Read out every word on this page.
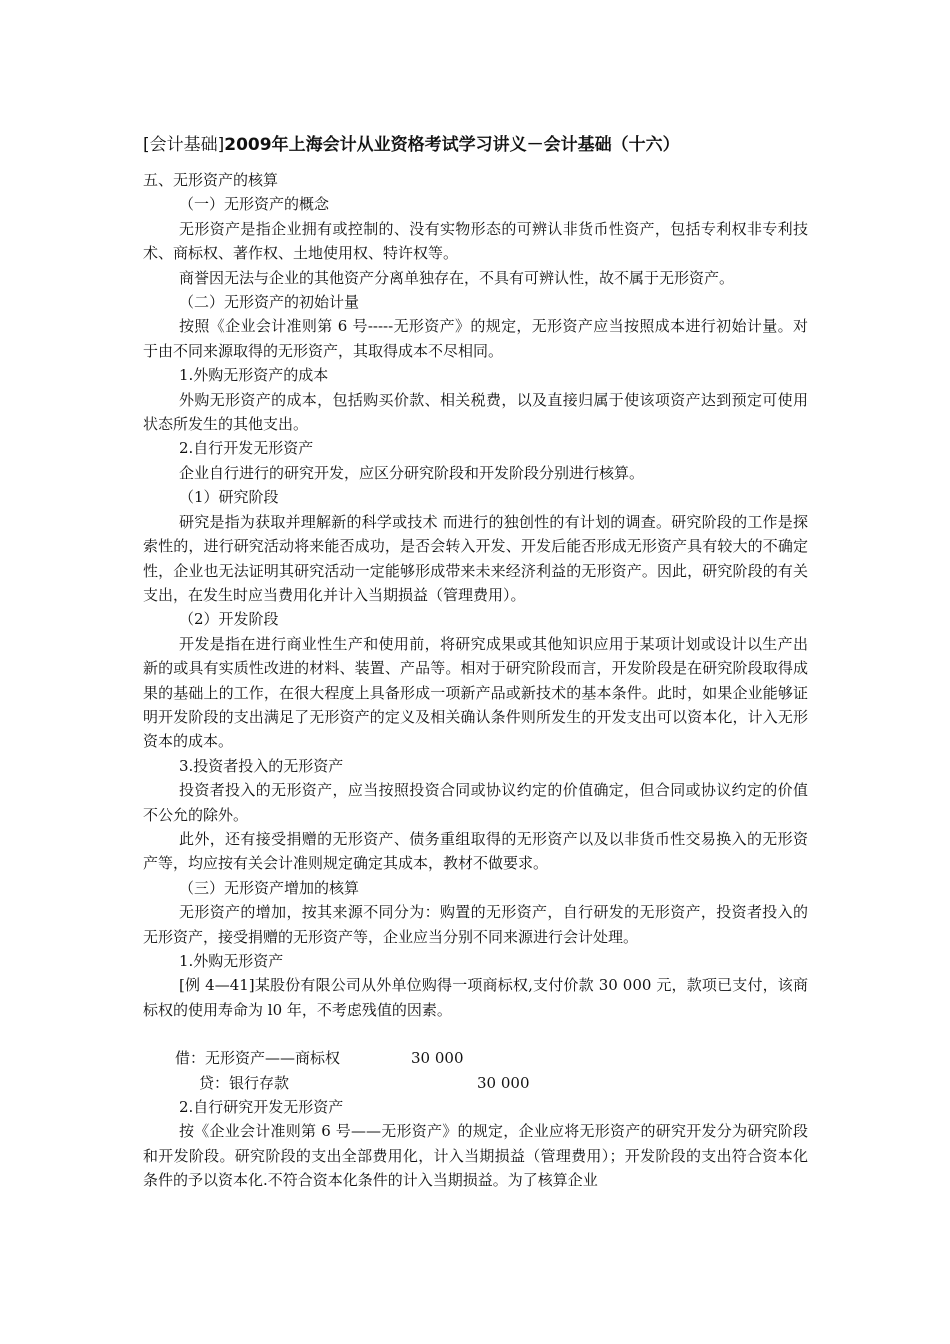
[会计基础]2009年上海会计从业资格考试学习讲义－会计基础（十六）

五、无形资产的核算

（一）无形资产的概念

无形资产是指企业拥有或控制的、没有实物形态的可辨认非货币性资产，包括专利权非专利技术、商标权、著作权、土地使用权、特许权等。

商誉因无法与企业的其他资产分离单独存在，不具有可辨认性，故不属于无形资产。

（二）无形资产的初始计量

按照《企业会计准则第 6 号-----无形资产》的规定，无形资产应当按照成本进行初始计量。对于由不同来源取得的无形资产，其取得成本不尽相同。

1.外购无形资产的成本

外购无形资产的成本，包括购买价款、相关税费，以及直接归属于使该项资产达到预定可使用状态所发生的其他支出。

2.自行开发无形资产

企业自行进行的研究开发，应区分研究阶段和开发阶段分别进行核算。

（1）研究阶段

研究是指为获取并理解新的科学或技术 而进行的独创性的有计划的调查。研究阶段的工作是探索性的，进行研究活动将来能否成功，是否会转入开发、开发后能否形成无形资产具有较大的不确定性，企业也无法证明其研究活动一定能够形成带来未来经济利益的无形资产。因此，研究阶段的有关支出，在发生时应当费用化并计入当期损益（管理费用）。

（2）开发阶段

开发是指在进行商业性生产和使用前，将研究成果或其他知识应用于某项计划或设计以生产出新的或具有实质性改进的材料、装置、产品等。相对于研究阶段而言，开发阶段是在研究阶段取得成果的基础上的工作，在很大程度上具备形成一项新产品或新技术的基本条件。此时，如果企业能够证明开发阶段的支出满足了无形资产的定义及相关确认条件则所发生的开发支出可以资本化，计入无形资本的成本。

3.投资者投入的无形资产

投资者投入的无形资产，应当按照投资合同或协议约定的价值确定，但合同或协议约定的价值不公允的除外。

此外，还有接受捐赠的无形资产、债务重组取得的无形资产以及以非货币性交易换入的无形资产等，均应按有关会计准则规定确定其成本，教材不做要求。

（三）无形资产增加的核算

无形资产的增加，按其来源不同分为：购置的无形资产，自行研发的无形资产，投资者投入的无形资产，接受捐赠的无形资产等，企业应当分别不同来源进行会计处理。

1.外购无形资产

[例 4—41]某股份有限公司从外单位购得一项商标权,支付价款 30 000 元，款项已支付，该商标权的使用寿命为 l0 年，不考虑残值的因素。

借：无形资产——商标权	30 000
贷：银行存款	30 000

2.自行研究开发无形资产

按《企业会计准则第 6 号——无形资产》的规定，企业应将无形资产的研究开发分为研究阶段和开发阶段。研究阶段的支出全部费用化，计入当期损益（管理费用）；开发阶段的支出符合资本化条件的予以资本化.不符合资本化条件的计入当期损益。为了核算企业
